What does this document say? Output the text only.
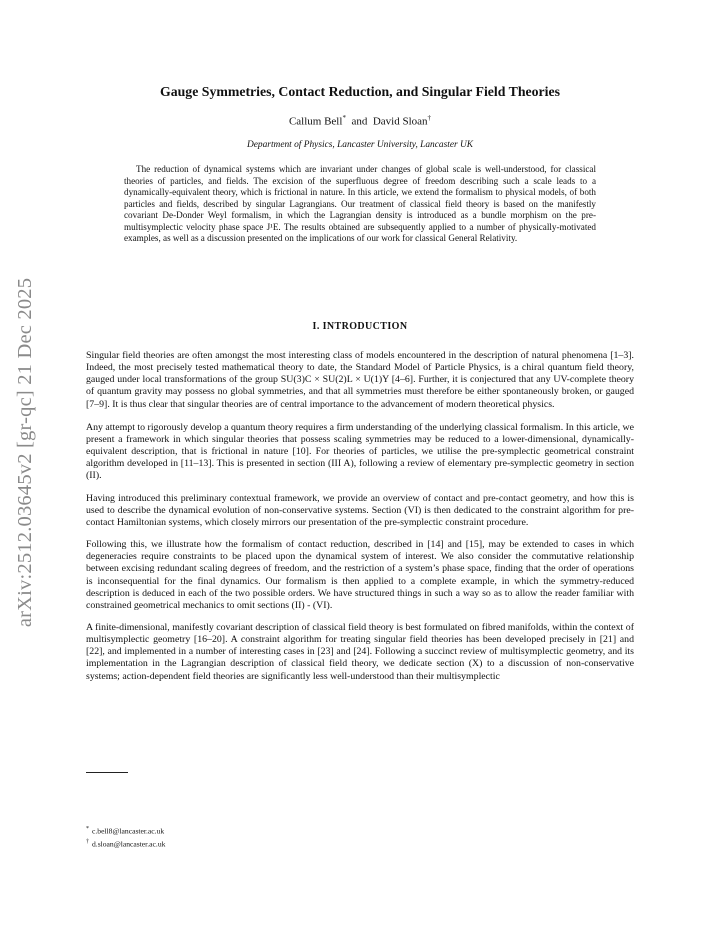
arXiv:2512.03645v2 [gr-qc] 21 Dec 2025
Gauge Symmetries, Contact Reduction, and Singular Field Theories
Callum Bell* and David Sloan†
Department of Physics, Lancaster University, Lancaster UK

The reduction of dynamical systems which are invariant under changes of global scale is well-understood, for classical theories of particles, and fields. The excision of the superfluous degree of freedom describing such a scale leads to a dynamically-equivalent theory, which is frictional in nature. In this article, we extend the formalism to physical models, of both particles and fields, described by singular Lagrangians. Our treatment of classical field theory is based on the manifestly covariant De-Donder Weyl formalism, in which the Lagrangian density is introduced as a bundle morphism on the pre-multisymplectic velocity phase space J¹E. The results obtained are subsequently applied to a number of physically-motivated examples, as well as a discussion presented on the implications of our work for classical General Relativity.

I. INTRODUCTION

Singular field theories are often amongst the most interesting class of models encountered in the description of natural phenomena [1–3]. Indeed, the most precisely tested mathematical theory to date, the Standard Model of Particle Physics, is a chiral quantum field theory, gauged under local transformations of the group SU(3)C × SU(2)L × U(1)Y [4–6]. Further, it is conjectured that any UV-complete theory of quantum gravity may possess no global symmetries, and that all symmetries must therefore be either spontaneously broken, or gauged [7–9]. It is thus clear that singular theories are of central importance to the advancement of modern theoretical physics.

Any attempt to rigorously develop a quantum theory requires a firm understanding of the underlying classical formalism. In this article, we present a framework in which singular theories that possess scaling symmetries may be reduced to a lower-dimensional, dynamically-equivalent description, that is frictional in nature [10]. For theories of particles, we utilise the pre-symplectic geometrical constraint algorithm developed in [11–13]. This is presented in section (III A), following a review of elementary pre-symplectic geometry in section (II).

Having introduced this preliminary contextual framework, we provide an overview of contact and pre-contact geometry, and how this is used to describe the dynamical evolution of non-conservative systems. Section (VI) is then dedicated to the constraint algorithm for pre-contact Hamiltonian systems, which closely mirrors our presentation of the pre-symplectic constraint procedure.

Following this, we illustrate how the formalism of contact reduction, described in [14] and [15], may be extended to cases in which degeneracies require constraints to be placed upon the dynamical system of interest. We also consider the commutative relationship between excising redundant scaling degrees of freedom, and the restriction of a system’s phase space, finding that the order of operations is inconsequential for the final dynamics. Our formalism is then applied to a complete example, in which the symmetry-reduced description is deduced in each of the two possible orders. We have structured things in such a way so as to allow the reader familiar with constrained geometrical mechanics to omit sections (II) - (VI).

A finite-dimensional, manifestly covariant description of classical field theory is best formulated on fibred manifolds, within the context of multisymplectic geometry [16–20]. A constraint algorithm for treating singular field theories has been developed precisely in [21] and [22], and implemented in a number of interesting cases in [23] and [24]. Following a succinct review of multisymplectic geometry, and its implementation in the Lagrangian description of classical field theory, we dedicate section (X) to a discussion of non-conservative systems; action-dependent field theories are significantly less well-understood than their multisymplectic

* c.bell8@lancaster.ac.uk
† d.sloan@lancaster.ac.uk
